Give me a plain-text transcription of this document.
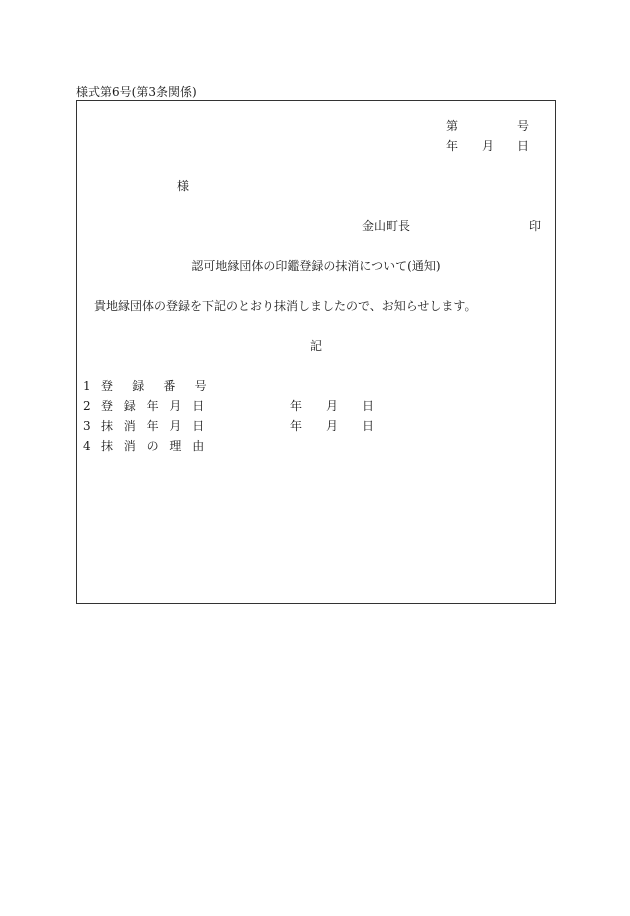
様式第6号(第3条関係)
第	号
年 月 日
様
金山町長	印
認可地縁団体の印鑑登録の抹消について(通知)
貴地縁団体の登録を下記のとおり抹消しましたので、お知らせします。
記
1 登録番号
2 登録年月日	年 月 日
3 抹消年月日	年 月 日
4 抹消の理由
